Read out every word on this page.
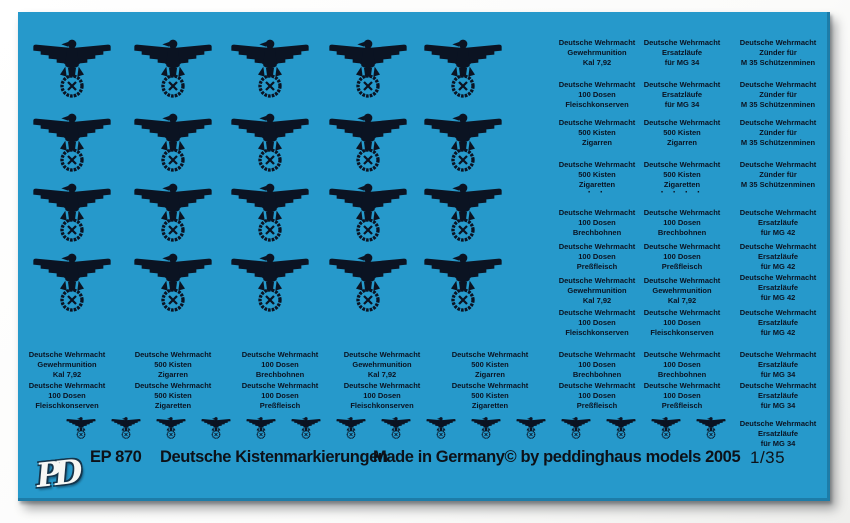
Deutsche Wehrmacht
Gewehrmunition
Kal 7,92
Deutsche Wehrmacht
100 Dosen
Fleischkonserven
Deutsche Wehrmacht
500 Kisten
Zigarren
Deutsche Wehrmacht
500 Kisten
Zigaretten
· ·
Deutsche Wehrmacht
100 Dosen
Brechbohnen
Deutsche Wehrmacht
100 Dosen
Preßfleisch
Deutsche Wehrmacht
Gewehrmunition
Kal 7,92
Deutsche Wehrmacht
100 Dosen
Fleischkonserven
Deutsche Wehrmacht
100 Dosen
Brechbohnen
Deutsche Wehrmacht
100 Dosen
Preßfleisch
Deutsche Wehrmacht
Ersatzläufe
für MG 34
Deutsche Wehrmacht
Ersatzläufe
für MG 34
Deutsche Wehrmacht
500 Kisten
Zigarren
Deutsche Wehrmacht
500 Kisten
Zigaretten
· · · ·
Deutsche Wehrmacht
100 Dosen
Brechbohnen
Deutsche Wehrmacht
100 Dosen
Preßfleisch
Deutsche Wehrmacht
Gewehrmunition
Kal 7,92
Deutsche Wehrmacht
100 Dosen
Fleischkonserven
Deutsche Wehrmacht
100 Dosen
Brechbohnen
Deutsche Wehrmacht
100 Dosen
Preßfleisch
Deutsche Wehrmacht
Zünder für
M 35 Schützenminen
Deutsche Wehrmacht
Zünder für
M 35 Schützenminen
Deutsche Wehrmacht
Zünder für
M 35 Schützenminen
Deutsche Wehrmacht
Zünder für
M 35 Schützenminen
Deutsche Wehrmacht
Ersatzläufe
für MG 42
Deutsche Wehrmacht
Ersatzläufe
für MG 42
Deutsche Wehrmacht
Ersatzläufe
für MG 42
Deutsche Wehrmacht
Ersatzläufe
für MG 42
Deutsche Wehrmacht
Ersatzläufe
für MG 34
Deutsche Wehrmacht
Ersatzläufe
für MG 34
Deutsche Wehrmacht
Ersatzläufe
für MG 34
Deutsche Wehrmacht
Gewehrmunition
Kal 7,92
Deutsche Wehrmacht
100 Dosen
Fleischkonserven
Deutsche Wehrmacht
500 Kisten
Zigarren
Deutsche Wehrmacht
500 Kisten
Zigaretten
Deutsche Wehrmacht
100 Dosen
Brechbohnen
Deutsche Wehrmacht
100 Dosen
Preßfleisch
Deutsche Wehrmacht
Gewehrmunition
Kal 7,92
Deutsche Wehrmacht
100 Dosen
Fleischkonserven
Deutsche Wehrmacht
500 Kisten
Zigarren
Deutsche Wehrmacht
500 Kisten
Zigaretten
PD EP 870 Deutsche Kistenmarkierungen
Made in Germany© by peddinghaus models 2005 1/35
